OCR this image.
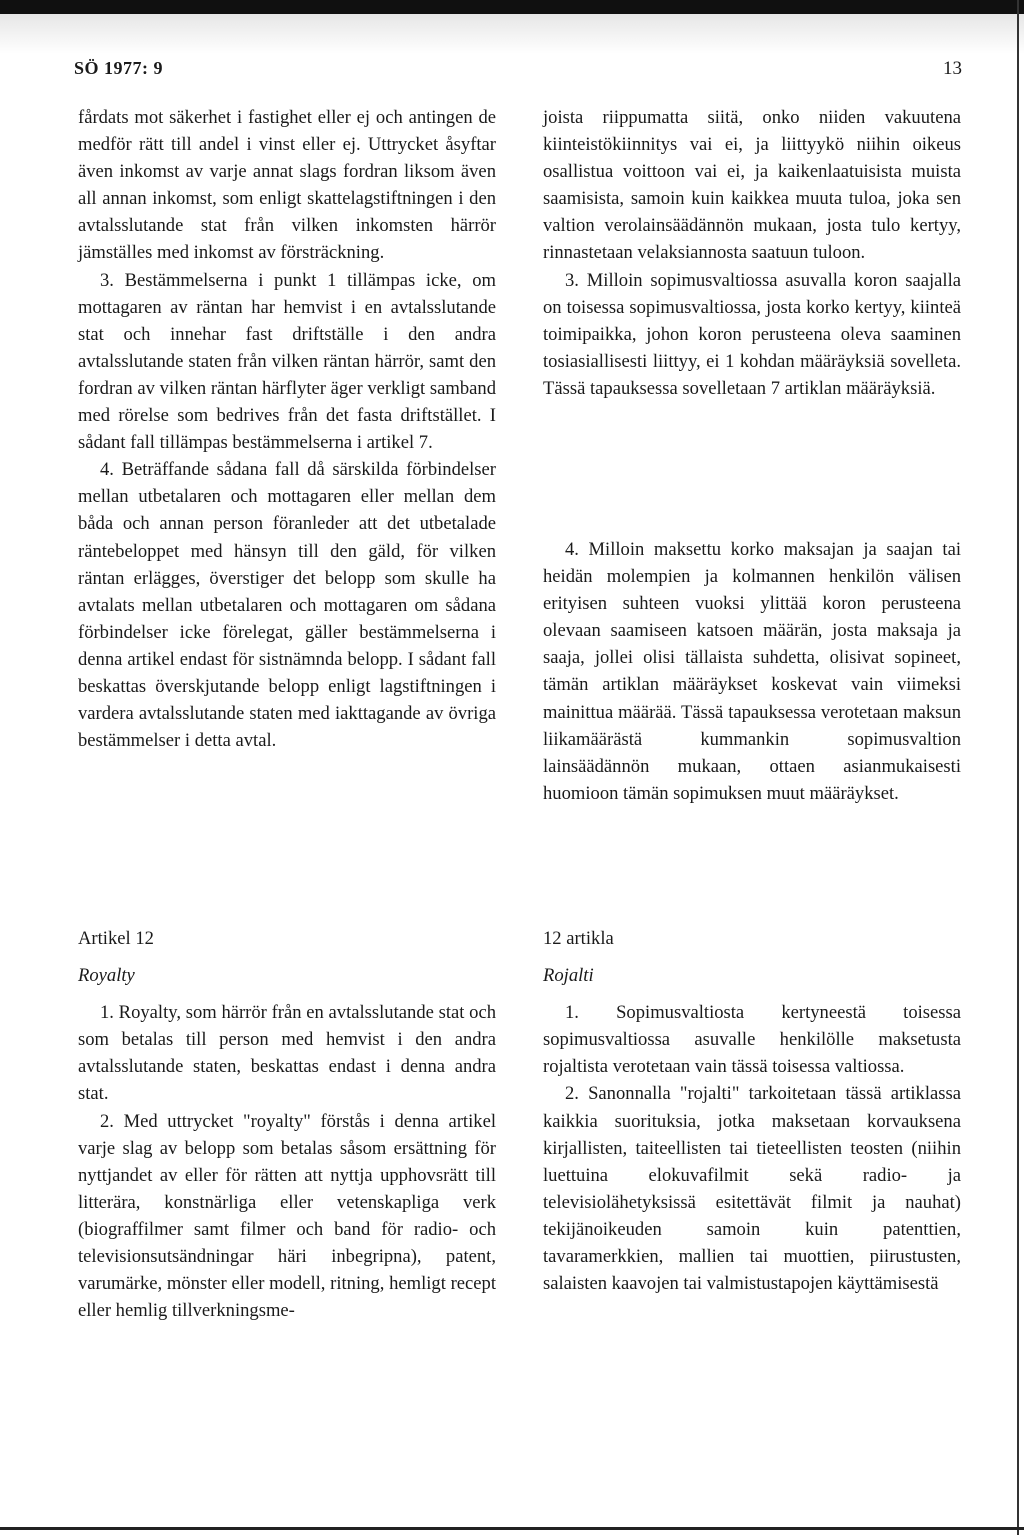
SÖ 1977: 9	13

fårdats mot säkerhet i fastighet eller ej och antingen de medför rätt till andel i vinst eller ej. Uttrycket åsyftar även inkomst av varje annat slags fordran liksom även all annan inkomst, som enligt skattelagstiftningen i den avtalsslutande stat från vilken inkomsten härrör jämställes med inkomst av försträckning.

3. Bestämmelserna i punkt 1 tillämpas icke, om mottagaren av räntan har hemvist i en avtalsslutande stat och innehar fast driftställe i den andra avtalsslutande staten från vilken räntan härrör, samt den fordran av vilken räntan härflyter äger verkligt samband med rörelse som bedrives från det fasta driftstället. I sådant fall tillämpas bestämmelserna i artikel 7.

4. Beträffande sådana fall då särskilda förbindelser mellan utbetalaren och mottagaren eller mellan dem båda och annan person föranleder att det utbetalade räntebeloppet med hänsyn till den gäld, för vilken räntan erlägges, överstiger det belopp som skulle ha avtalats mellan utbetalaren och mottagaren om sådana förbindelser icke förelegat, gäller bestämmelserna i denna artikel endast för sistnämnda belopp. I sådant fall beskattas överskjutande belopp enligt lagstiftningen i vardera avtalsslutande staten med iakttagande av övriga bestämmelser i detta avtal.

Artikel 12
Royalty

1. Royalty, som härrör från en avtalsslutande stat och som betalas till person med hemvist i den andra avtalsslutande staten, beskattas endast i denna andra stat.

2. Med uttrycket "royalty" förstås i denna artikel varje slag av belopp som betalas såsom ersättning för nyttjandet av eller för rätten att nyttja upphovsrätt till litterära, konstnärliga eller vetenskapliga verk (biograffilmer samt filmer och band för radio- och televisionsutsändningar häri inbegripna), patent, varumärke, mönster eller modell, ritning, hemligt recept eller hemlig tillverkningsme-

joista riippumatta siitä, onko niiden vakuutena kiinteistökiinnitys vai ei, ja liittyykö niihin oikeus osallistua voittoon vai ei, ja kaikenlaatuisista muista saamisista, samoin kuin kaikkea muuta tuloa, joka sen valtion verolainsäädännön mukaan, josta tulo kertyy, rinnastetaan velaksiannosta saatuun tuloon.

3. Milloin sopimusvaltiossa asuvalla koron saajalla on toisessa sopimusvaltiossa, josta korko kertyy, kiinteä toimipaikka, johon koron perusteena oleva saaminen tosiasiallisesti liittyy, ei 1 kohdan määräyksiä sovelleta. Tässä tapauksessa sovelletaan 7 artiklan määräyksiä.

4. Milloin maksettu korko maksajan ja saajan tai heidän molempien ja kolmannen henkilön välisen erityisen suhteen vuoksi ylittää koron perusteena olevaan saamiseen katsoen määrän, josta maksaja ja saaja, jollei olisi tällaista suhdetta, olisivat sopineet, tämän artiklan määräykset koskevat vain viimeksi mainittua määrää. Tässä tapauksessa verotetaan maksun liikamäärästä kummankin sopimusvaltion lainsäädännön mukaan, ottaen asianmukaisesti huomioon tämän sopimuksen muut määräykset.

12 artikla
Rojalti

1. Sopimusvaltiosta kertyneestä toisessa sopimusvaltiossa asuvalle henkilölle maksetusta rojaltista verotetaan vain tässä toisessa valtiossa.

2. Sanonnalla "rojalti" tarkoitetaan tässä artiklassa kaikkia suorituksia, jotka maksetaan korvauksena kirjallisten, taiteellisten tai tieteellisten teosten (niihin luettuina elokuvafilmit sekä radio- ja televisiolähetyksissä esitettävät filmit ja nauhat) tekijänoikeuden samoin kuin patenttien, tavaramerkkien, mallien tai muottien, piirustusten, salaisten kaavojen tai valmistustapojen käyttämisestä
